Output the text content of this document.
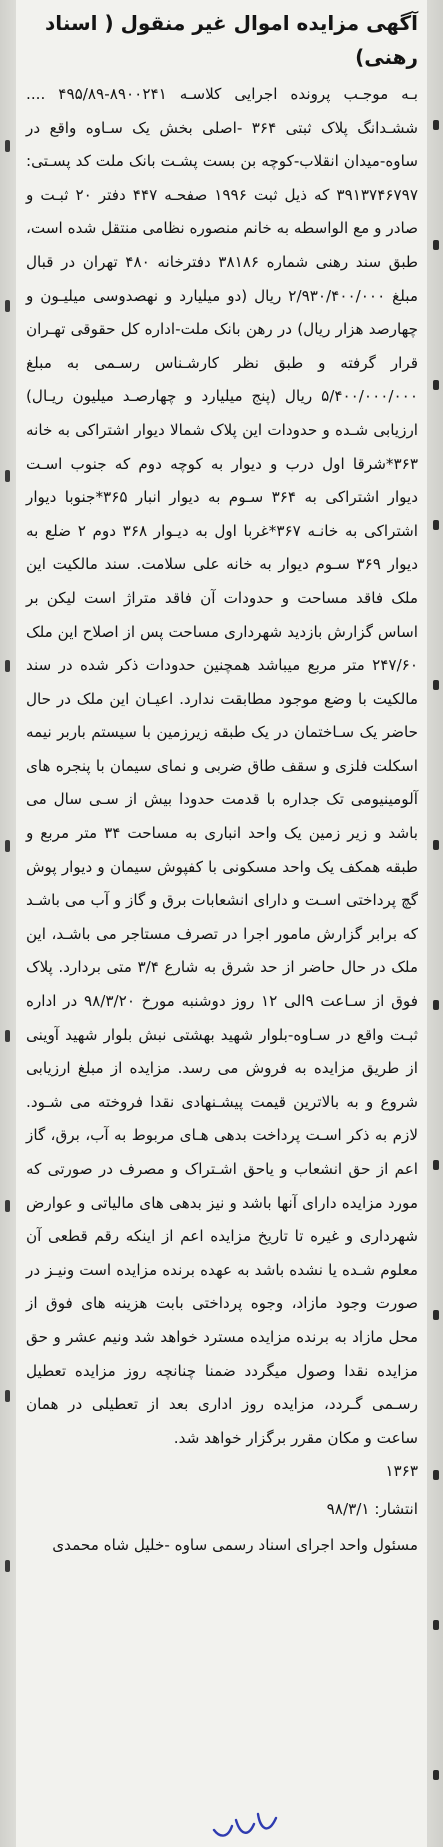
آگهی مزایده اموال غیر منقول ( اسناد رهنی)

بـه موجـب پرونده اجرایی کلاسـه ۸۹۰۰۲۴۱-۴۹۵/۸۹ .... ششـدانگ پلاک ثبتی ۳۶۴ -اصلی بخش یک سـاوه واقع در ساوه-میدان انقلاب-کوچه بن بست پشـت بانک ملت کد پسـتی: ۳۹۱۳۷۴۶۷۹۷ که ذیل ثبت ۱۹۹۶ صفحـه ۴۴۷ دفتر ۲۰ ثبـت و صادر و مع الواسطه به خانم منصوره نظامی منتقل شده است، طبق سند رهنی شماره ۳۸۱۸۶ دفترخانه ۴۸۰ تهران در قبال مبلغ ۲/۹۳۰/۴۰۰/۰۰۰ ریال (دو میلیارد و نهصدوسی میلیـون و چهارصد هزار ریال) در رهن بانک ملت-اداره کل حقوقی تهـران قرار گرفته و طبق نظر کارشـناس رسـمی به مبلغ ۵/۴۰۰/۰۰۰/۰۰۰ ریال (پنج میلیارد و چهارصـد میلیون ریـال) ارزیابی شـده و حدودات این پلاک شمالا دیوار اشتراکی به خانه ۳۶۳*شرقا اول درب و دیوار به کوچه دوم که جنوب اسـت دیوار اشتراکی به ۳۶۴ سـوم به دیوار انبار ۳۶۵*جنوبا دیوار اشتراکی به خانـه ۳۶۷*غربا اول به دیـوار ۳۶۸ دوم ۲ ضلع به دیوار ۳۶۹ سـوم دیوار به خانه علی سلامت. سند مالکیت این ملک فاقد مساحت و حدودات آن فاقد متراژ است لیکن بر اساس گزارش بازدید شهرداری مساحت پس از اصلاح این ملک ۲۴۷/۶۰ متر مربع میباشد همچنین حدودات ذکر شده در سند مالکیت با وضع موجود مطابقت ندارد. اعیـان این ملک در حال حاضر یک سـاختمان در یک طبقه زیرزمین با سیستم باربر نیمه اسکلت فلزی و سقف طاق ضربی و نمای سیمان با پنجره های آلومینیومی تک جداره با قدمت حدودا بیش از سـی سال می باشد و زیر زمین یک واحد انباری به مساحت ۳۴ متر مربع و طبقه همکف یک واحد مسکونی با کفپوش سیمان و دیوار پوش گچ پرداختی اسـت و دارای انشعابات برق و گاز و آب می باشـد که برابر گزارش مامور اجرا در تصرف مستاجر می باشـد، این ملک در حال حاضر از حد شرق به شارع ۳/۴ متی بردارد. پلاک فوق از سـاعت ۹الی ۱۲ روز دوشنبه مورخ ۹۸/۳/۲۰ در اداره ثبـت واقع در سـاوه-بلوار شهید بهشتی نبش بلوار شهید آوینی از طریق مزایده به فروش می رسد. مزایده از مبلغ ارزیابی شروع و به بالاترین قیمت پیشـنهادی نقدا فروخته می شـود. لازم به ذکر اسـت پرداخت بدهی هـای مربوط به آب، برق، گاز اعم از حق انشعاب و یاحق اشـتراک و مصرف در صورتی که مورد مزایده دارای آنها باشد و نیز بدهی های مالیاتی و عوارض شهرداری و غیره تا تاریخ مزایده اعم از اینکه رقم قطعی آن معلوم شـده یا نشده باشد به عهده برنده مزایده است ونیـز در صورت وجود مازاد، وجوه پرداختی بابت هزینه های فوق از محل مازاد به برنده مزایده مسترد خواهد شد ونیم عشر و حق مزایده نقدا وصول میگردد ضمنا چنانچه روز مزایده تعطیل رسـمی گـردد، مزایده روز اداری بعد از تعطیلی در همان ساعت و مکان مقرر برگزار خواهد شد.

۱۳۶۳

انتشار: ۹۸/۳/۱

مسئول واحد اجرای اسناد رسمی ساوه -خلیل شاه محمدی
